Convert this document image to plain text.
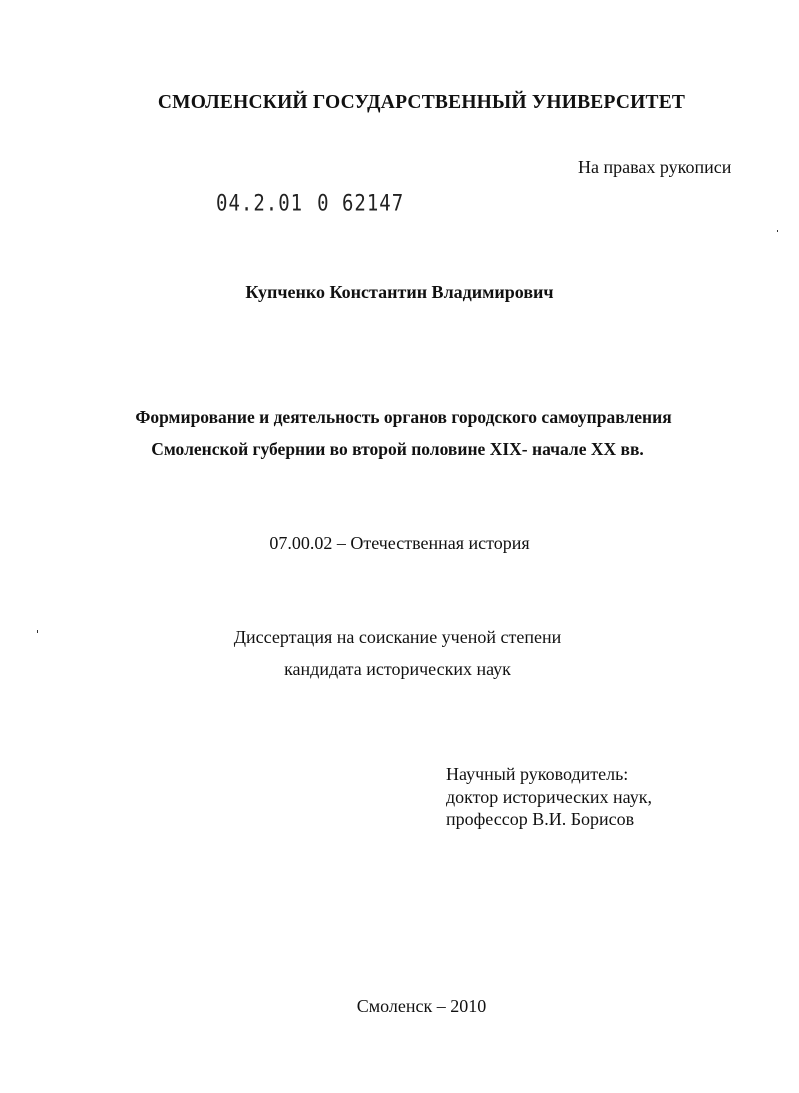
СМОЛЕНСКИЙ ГОСУДАРСТВЕННЫЙ УНИВЕРСИТЕТ
На правах рукописи
04.2.01 0 62147
Купченко Константин Владимирович
Формирование и деятельность органов городского самоуправления
Смоленской губернии во второй половине XIX- начале XX вв.
07.00.02 – Отечественная история
Диссертация на соискание ученой степени
кандидата исторических наук
Научный руководитель:
доктор исторических наук,
профессор В.И. Борисов
Смоленск – 2010
